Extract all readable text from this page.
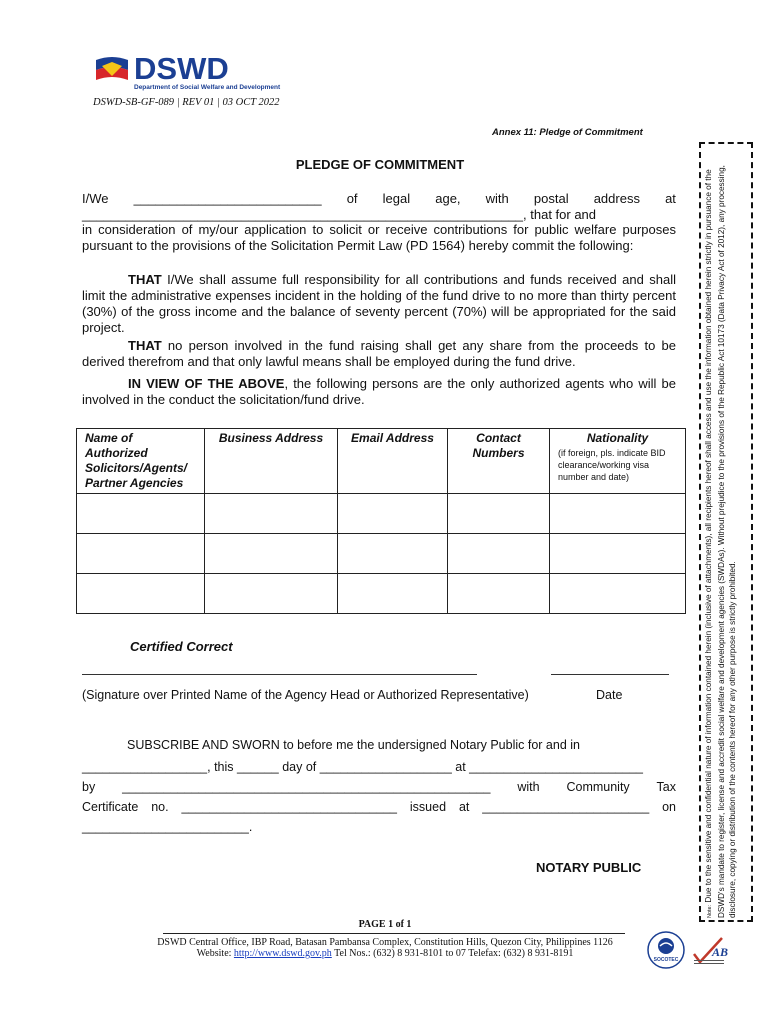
DSWD
Department of Social Welfare and Development
DSWD-SB-GF-089 | REV 01 | 03 OCT 2022
Annex 11: Pledge of Commitment
PLEDGE OF COMMITMENT
I/We __________________________ of legal age, with postal address at
_____________________________________________________________, that for and
in consideration of my/our application to solicit or receive contributions for public welfare purposes pursuant to the provisions of the Solicitation Permit Law (PD 1564) hereby commit the following:
THAT I/We shall assume full responsibility for all contributions and funds received and shall limit the administrative expenses incident in the holding of the fund drive to no more than thirty percent (30%) of the gross income and the balance of seventy percent (70%) will be appropriated for the said project.
THAT no person involved in the fund raising shall get any share from the proceeds to be derived therefrom and that only lawful means shall be employed during the fund drive.
IN VIEW OF THE ABOVE, the following persons are the only authorized agents who will be involved in the conduct the solicitation/fund drive.
Name of Authorized Solicitors/Agents/ Partner Agencies	Business Address	Email Address	Contact Numbers	Nationality
(if foreign, pls. indicate BID clearance/working visa number and date)

Certified Correct
(Signature over Printed Name of the Agency Head or Authorized Representative)	Date
SUBSCRIBE AND SWORN to before me the undersigned Notary Public for and in
__________________, this ______ day of ___________________ at _________________________
by _____________________________________________________ with Community Tax
Certificate no. _______________________________ issued at ________________________ on
________________________.
NOTARY PUBLIC
PAGE 1 of 1
DSWD Central Office, IBP Road, Batasan Pambansa Complex, Constitution Hills, Quezon City, Philippines 1126
Website: http://www.dswd.gov.ph Tel Nos.: (632) 8 931-8101 to 07 Telefax: (632) 8 931-8191
SOCOTEC
AB
Note: Due to the sensitive and confidential nature of information contained herein (inclusive of attachments), all recipients hereof shall access and use the information obtained herein strictly in pursuance of the DSWD's mandate to register, license and accredit social welfare and development agencies (SWDAs). Without prejudice to the provisions of the Republic Act 10173 (Data Privacy Act of 2012), any processing, disclosure, copying or distribution of the contents hereof for any other purpose is strictly prohibited.
